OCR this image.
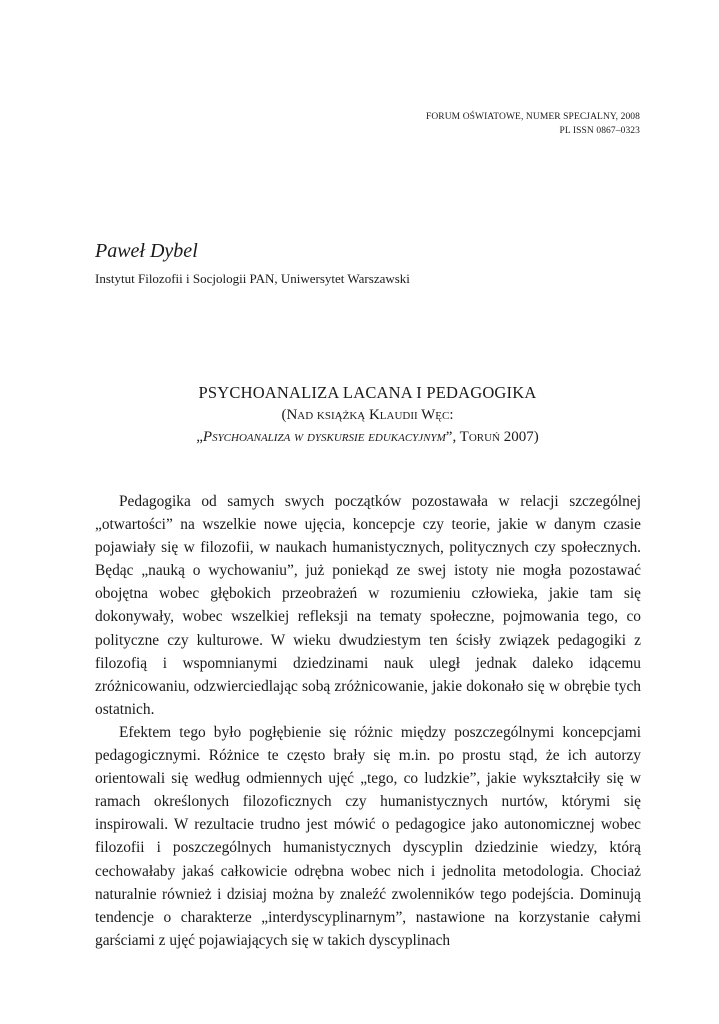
FORUM OŚWIATOWE, NUMER SPECJALNY, 2008
PL ISSN 0867–0323
Paweł Dybel
Instytut Filozofii i Socjologii PAN, Uniwersytet Warszawski
PSYCHOANALIZA LACANA I PEDAGOGIKA
(Nad książką Klaudii Węc:
„Psychoanaliza w dyskursie edukacyjnym”, Toruń 2007)

Pedagogika od samych swych początków pozostawała w relacji szczególnej „otwartości” na wszelkie nowe ujęcia, koncepcje czy teorie, jakie w danym czasie pojawiały się w filozofii, w naukach humanistycznych, politycznych czy społecznych. Będąc „nauką o wychowaniu”, już poniekąd ze swej istoty nie mogła pozostawać obojętna wobec głębokich przeobrażeń w rozumieniu człowieka, jakie tam się dokonywały, wobec wszelkiej refleksji na tematy społeczne, pojmowania tego, co polityczne czy kulturowe. W wieku dwudziestym ten ścisły związek pedagogiki z filozofią i wspomnianymi dziedzinami nauk uległ jednak daleko idącemu zróżnicowaniu, odzwierciedlając sobą zróżnicowanie, jakie dokonało się w obrębie tych ostatnich.

Efektem tego było pogłębienie się różnic między poszczególnymi koncepcjami pedagogicznymi. Różnice te często brały się m.in. po prostu stąd, że ich autorzy orientowali się według odmiennych ujęć „tego, co ludzkie”, jakie wykształciły się w ramach określonych filozoficznych czy humanistycznych nurtów, którymi się inspirowali. W rezultacie trudno jest mówić o pedagogice jako autonomicznej wobec filozofii i poszczególnych humanistycznych dyscyplin dziedzinie wiedzy, którą cechowałaby jakaś całkowicie odrębna wobec nich i jednolita metodologia. Chociaż naturalnie również i dzisiaj można by znaleźć zwolenników tego podejścia. Dominują tendencje o charakterze „interdyscyplinarnym”, nastawione na korzystanie całymi garściami z ujęć pojawiających się w takich dyscyplinach
